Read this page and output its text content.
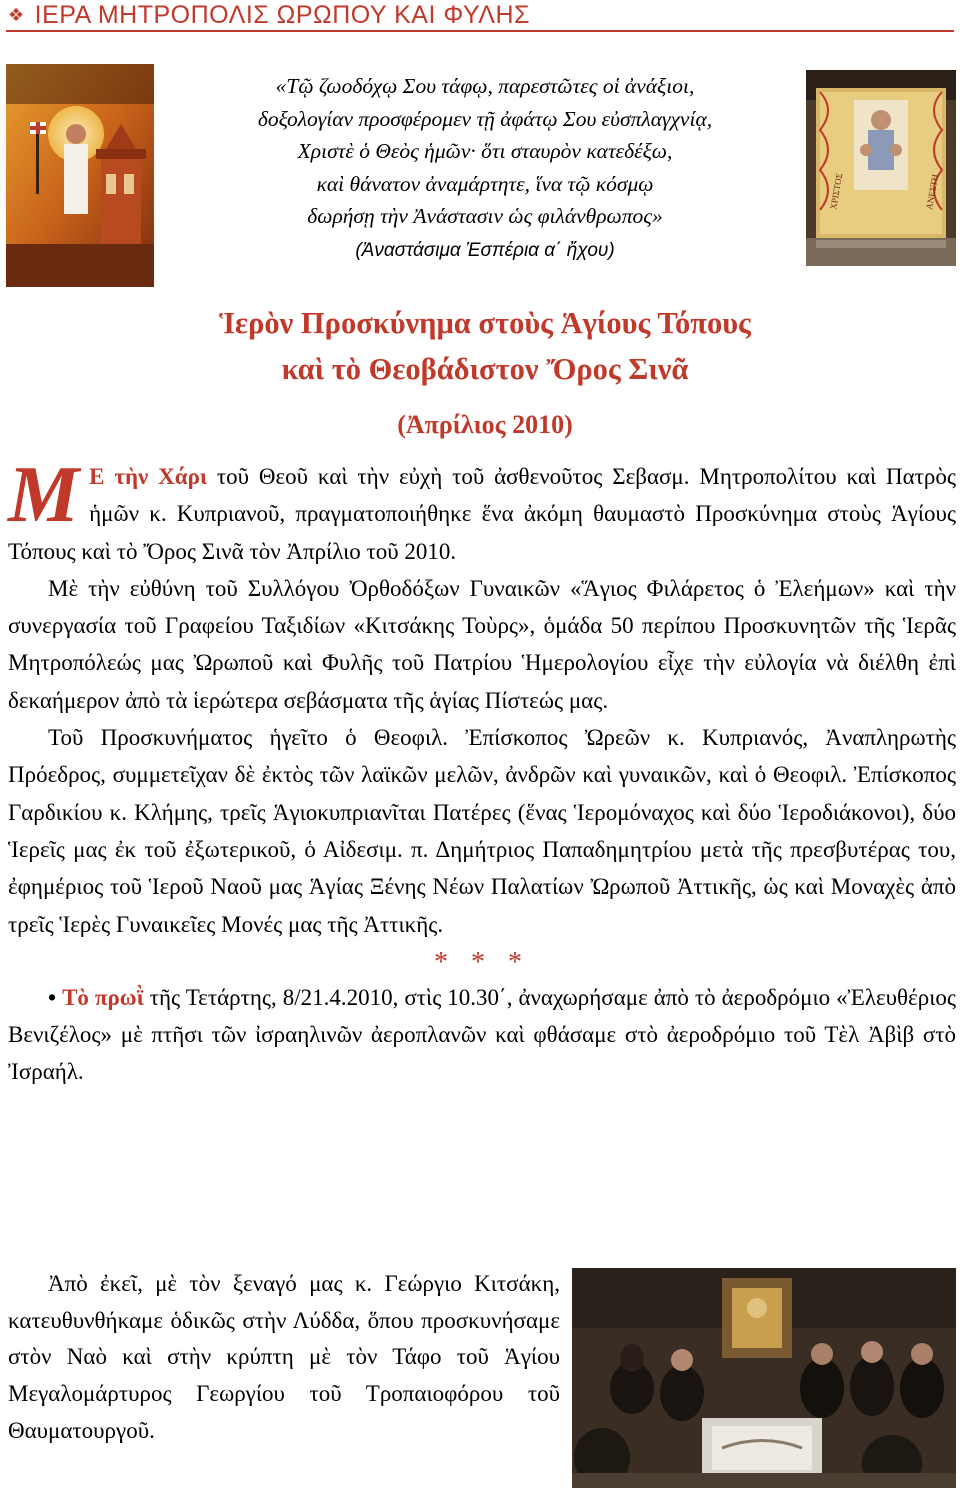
❖ ΙΕΡΑ ΜΗΤΡΟΠΟΛΙΣ ΩΡΩΠΟΥ ΚΑΙ ΦΥΛΗΣ
ΧΡΙΣΤΟΣ	ΑΝΕΣΤΗ
«Τῷ ζωοδόχῳ Σου τάφῳ, παρεστῶτες οἱ ἀνάξιοι,
δοξολογίαν προσφέρομεν τῇ ἀφάτῳ Σου εὐσπλαγχνίᾳ,
Χριστὲ ὁ Θεὸς ἡμῶν· ὅτι σταυρὸν κατεδέξω,
καὶ θάνατον ἀναμάρτητε, ἵνα τῷ κόσμῳ
δωρήσῃ τὴν Ἀνάστασιν ὡς φιλάνθρωπος»
(Ἀναστάσιμα Ἑσπέρια α΄ ἤχου)
Ἱερὸν Προσκύνημα στοὺς Ἁγίους Τόπους
καὶ τὸ Θεοβάδιστον Ὄρος Σινᾶ
(Ἀπρίλιος 2010)

Μ Ε τὴν Χάρι τοῦ Θεοῦ καὶ τὴν εὐχὴ τοῦ ἀσθενοῦτος Σεβασμ. Μητροπολίτου καὶ Πατρὸς ἡμῶν κ. Κυπριανοῦ, πραγματοποιήθηκε ἕνα ἀκόμη θαυμαστὸ Προσκύνημα στοὺς Ἁγίους Τόπους καὶ τὸ Ὄρος Σινᾶ τὸν Ἀπρίλιο τοῦ 2010.

Μὲ τὴν εὐθύνη τοῦ Συλλόγου Ὀρθοδόξων Γυναικῶν «Ἅγιος Φιλάρετος ὁ Ἐλεήμων» καὶ τὴν συνεργασία τοῦ Γραφείου Ταξιδίων «Κιτσάκης Τοὺρς», ὁμάδα 50 περίπου Προσκυνητῶν τῆς Ἱερᾶς Μητροπόλεώς μας Ὠρωποῦ καὶ Φυλῆς τοῦ Πατρίου Ἡμερολογίου εἶχε τὴν εὐλογία νὰ διέλθη ἐπὶ δεκαήμερον ἀπὸ τὰ ἱερώτερα σεβάσματα τῆς ἁγίας Πίστεώς μας.

Τοῦ Προσκυνήματος ἡγεῖτο ὁ Θεοφιλ. Ἐπίσκοπος Ὠρεῶν κ. Κυπριανός, Ἀναπληρωτὴς Πρόεδρος, συμμετεῖχαν δὲ ἐκτὸς τῶν λαϊκῶν μελῶν, ἀνδρῶν καὶ γυναικῶν, καὶ ὁ Θεοφιλ. Ἐπίσκοπος Γαρδικίου κ. Κλήμης, τρεῖς Ἁγιοκυπριανῖται Πατέρες (ἕνας Ἱερομόναχος καὶ δύο Ἱεροδιάκονοι), δύο Ἱερεῖς μας ἐκ τοῦ ἐξωτερικοῦ, ὁ Αἰδεσιμ. π. Δημήτριος Παπαδημητρίου μετὰ τῆς πρεσβυτέρας του, ἐφημέριος τοῦ Ἱεροῦ Ναοῦ μας Ἁγίας Ξένης Νέων Παλατίων Ὠρωποῦ Ἀττικῆς, ὡς καὶ Μοναχὲς ἀπὸ τρεῖς Ἱερὲς Γυναικεῖες Μονές μας τῆς Ἀττικῆς.

* * *

• Τὸ πρωῒ τῆς Τετάρτης, 8/21.4.2010, στὶς 10.30΄, ἀναχωρήσαμε ἀπὸ τὸ ἀεροδρόμιο «Ἐλευθέριος Βενιζέλος» μὲ πτῆσι τῶν ἰσραηλινῶν ἀεροπλανῶν καὶ φθάσαμε στὸ ἀεροδρόμιο τοῦ Τὲλ Ἀβὶβ στὸ Ἰσραήλ.

Ἀπὸ ἐκεῖ, μὲ τὸν ξεναγό μας κ. Γεώργιο Κιτσάκη, κατευθυνθήκαμε ὁδικῶς στὴν Λύδδα, ὅπου προσκυνήσαμε στὸν Ναὸ καὶ στὴν κρύπτη μὲ τὸν Τάφο τοῦ Ἁγίου Μεγαλομάρτυρος Γεωργίου τοῦ Τροπαιοφόρου τοῦ Θαυματουργοῦ.
